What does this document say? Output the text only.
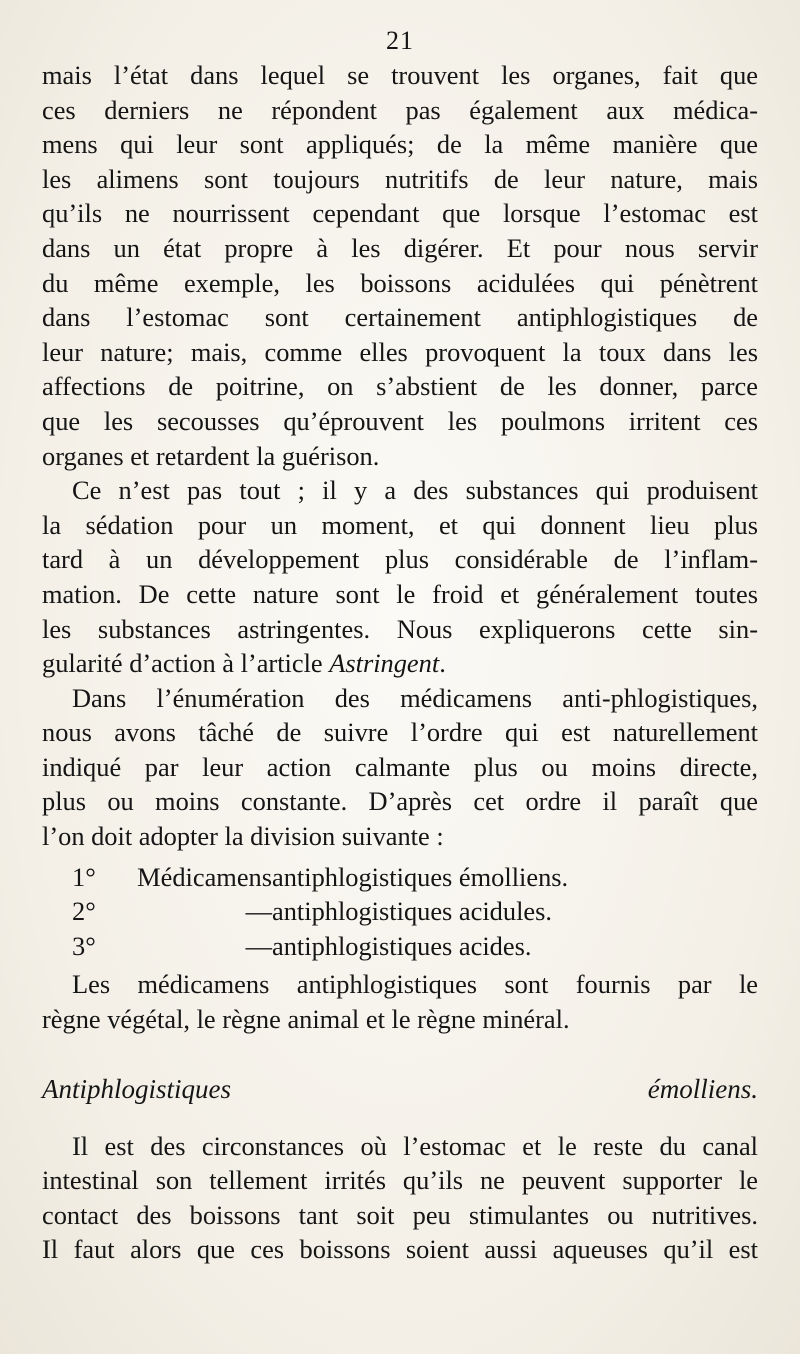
21
mais l’état dans lequel se trouvent les organes, fait que
ces derniers ne répondent pas également aux médica-
mens qui leur sont appliqués; de la même manière que
les alimens sont toujours nutritifs de leur nature, mais
qu’ils ne nourrissent cependant que lorsque l’estomac est
dans un état propre à les digérer. Et pour nous servir
du même exemple, les boissons acidulées qui pénètrent
dans l’estomac sont certainement antiphlogistiques de
leur nature; mais, comme elles provoquent la toux dans les
affections de poitrine, on s’abstient de les donner, parce
que les secousses qu’éprouvent les poulmons irritent ces
organes et retardent la guérison.
Ce n’est pas tout ; il y a des substances qui produisent
la sédation pour un moment, et qui donnent lieu plus
tard à un développement plus considérable de l’inflam-
mation. De cette nature sont le froid et généralement toutes
les substances astringentes. Nous expliquerons cette sin-
gularité d’action à l’article Astringent.
Dans l’énumération des médicamens anti-phlogistiques,
nous avons tâché de suivre l’ordre qui est naturellement
indiqué par leur action calmante plus ou moins directe,
plus ou moins constante. D’après cet ordre il paraît que
l’on doit adopter la division suivante :
1° Médicamens antiphlogistiques émolliens.
2° — antiphlogistiques acidules.
3° — antiphlogistiques acides.
Les médicamens antiphlogistiques sont fournis par le
règne végétal, le règne animal et le règne minéral.
Antiphlogistiques émolliens.
Il est des circonstances où l’estomac et le reste du canal
intestinal son tellement irrités qu’ils ne peuvent supporter le
contact des boissons tant soit peu stimulantes ou nutritives.
Il faut alors que ces boissons soient aussi aqueuses qu’il est
